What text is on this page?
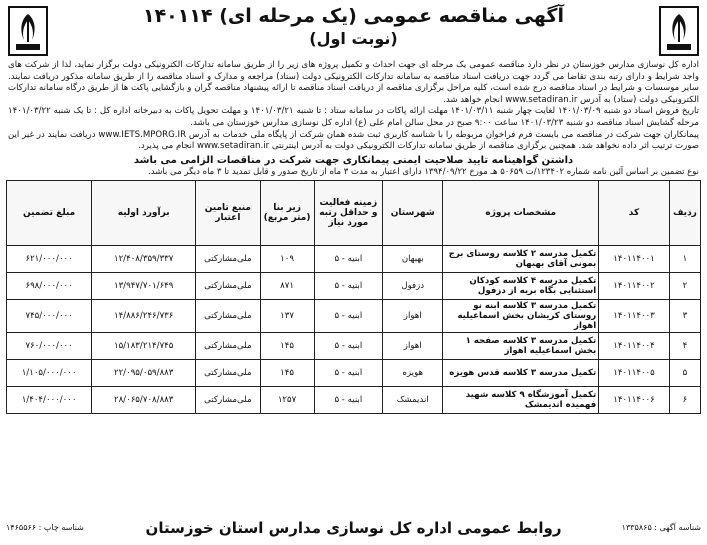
آگهی مناقصه عمومی (یک مرحله ای) ۱۴۰۱۱۴
(نوبت اول)

اداره کل نوسازی مدارس خوزستان در نظر دارد مناقصه عمومی یک مرحله ای جهت احداث و تکمیل پروژه های زیر را از طریق سامانه تدارکات الکترونیکی دولت برگزار نماید، لذا از شرکت های واجد شرایط و دارای رتبه بندی تقاضا می گردد جهت دریافت اسناد مناقصه به سامانه تدارکات الکترونیکی دولت (ستاد) مراجعه و مدارک و اسناد مناقصه را از طریق سامانه مذکور دریافت نمایند. سایر موسسات و شرایط در اسناد مناقصه درج شده است، کلیه مراحل برگزاری مناقصه از دریافت اسناد مناقصه تا ارائه پیشنهاد مناقصه گران و بازگشایی پاکت ها از طریق درگاه سامانه تدارکات الکترونیکی دولت (ستاد) به آدرس www.setadiran.ir انجام خواهد شد.

تاریخ فروش اسناد دو شنبه ۱۴۰۱/۰۳/۰۹ لغایت چهار شنبه ۱۴۰۱/۰۳/۱۱ مهلت ارائه پاکات در سامانه ستاد : تا شنبه ۱۴۰۱/۰۳/۲۱ و مهلت تحویل پاکات به دبیرخانه اداره کل : تا یک شنبه ۱۴۰۱/۰۳/۲۲ مرحله گشایش اسناد مناقصه دو شنبه ۱۴۰۱/۰۳/۲۳ ساعت ۹:۰۰ صبح در محل سالن امام علی (ع) اداره کل نوسازی مدارس خوزستان می باشد.

پیمانکاران جهت شرکت در مناقصه می بایست فرم فراخوان مربوطه را با شناسه کاربری ثبت شده همان شرکت از پایگاه ملی خدمات به آدرس www.IETS.MPORG.IR دریافت نمایند در غیر این صورت ترتیب اثر داده نخواهد شد. همچنین برگزاری مناقصه از طریق سامانه تدارکات الکترونیکی دولت به آدرس اینترنتی www.setadiran.ir انجام می پذیرد.

داشتن گواهینامه تایید صلاحیت ایمنی پیمانکاری جهت شرکت در مناقصات الزامی می باشد
نوع تضمین بر اساس آئین نامه شماره ۱۲۳۴۰۲/ت ۵۰۶۵۹ هـ مورخ ۱۳۹۴/۰۹/۲۲ دارای اعتبار به مدت ۳ ماه از تاریخ صدور و قابل تمدید تا ۳ ماه دیگر می باشد.
ردیف	کد	مشخصات پروژه	شهرستان	زمینه فعالیت و حداقل رتبه مورد نیاز	زیر بنا (متر مربع)	منبع تامین اعتبار	برآورد اولیه	مبلغ تضمین
۱	۱۴۰۱۱۴۰۰۱	تکمیل مدرسه ۲ کلاسه روستای برج بمونی آقای بهبهان	بهبهان	ابنیه - ۵	۱۰۹	ملی‌مشارکتی	۱۲/۴۰۸/۳۵۹/۳۳۷	۶۲۱/۰۰۰/۰۰۰
۲	۱۴۰۱۱۴۰۰۲	تکمیل مدرسه ۴ کلاسه کودکان استثنایی بگاه بریه از دزفول	دزفول	ابنیه - ۵	۸۷۱	ملی‌مشارکتی	۱۳/۹۴۷/۷۰۱/۶۴۹	۶۹۸/۰۰۰/۰۰۰
۳	۱۴۰۱۱۴۰۰۳	تکمیل مدرسه ۳ کلاسه ابنه نو روستای کریشان بخش اسماعیلیه اهواز	اهواز	ابنیه - ۵	۱۳۷	ملی‌مشارکتی	۱۴/۸۸۶/۲۴۶/۷۳۶	۷۴۵/۰۰۰/۰۰۰
۴	۱۴۰۱۱۴۰۰۴	تکمیل مدرسه ۳ کلاسه صفحه ۱ بخش اسماعیلیه اهواز	اهواز	ابنیه - ۵	۱۴۵	ملی‌مشارکتی	۱۵/۱۸۳/۲۱۴/۷۴۵	۷۶۰/۰۰۰/۰۰۰
۵	۱۴۰۱۱۴۰۰۵	تکمیل مدرسه ۳ کلاسه قدس هویزه	هویزه	ابنیه - ۵	۱۴۵	ملی‌مشارکتی	۲۲/۰۹۵/۰۵۹/۸۸۳	۱/۱۰۵/۰۰۰/۰۰۰
۶	۱۴۰۱۱۴۰۰۶	تکمیل آموزشگاه ۹ کلاسه شهید فهمیده اندیمشک	اندیمشک	ابنیه - ۵	۱۲۵۷	ملی‌مشارکتی	۲۸/۰۶۵/۷۰۸/۸۸۳	۱/۴۰۴/۰۰۰/۰۰۰
شناسه آگهی : ۱۳۳۵۸۶۵
روابط عمومی اداره کل نوسازی مدارس استان خوزستان
شناسه چاپ : ۱۴۶۵۵۶۶
